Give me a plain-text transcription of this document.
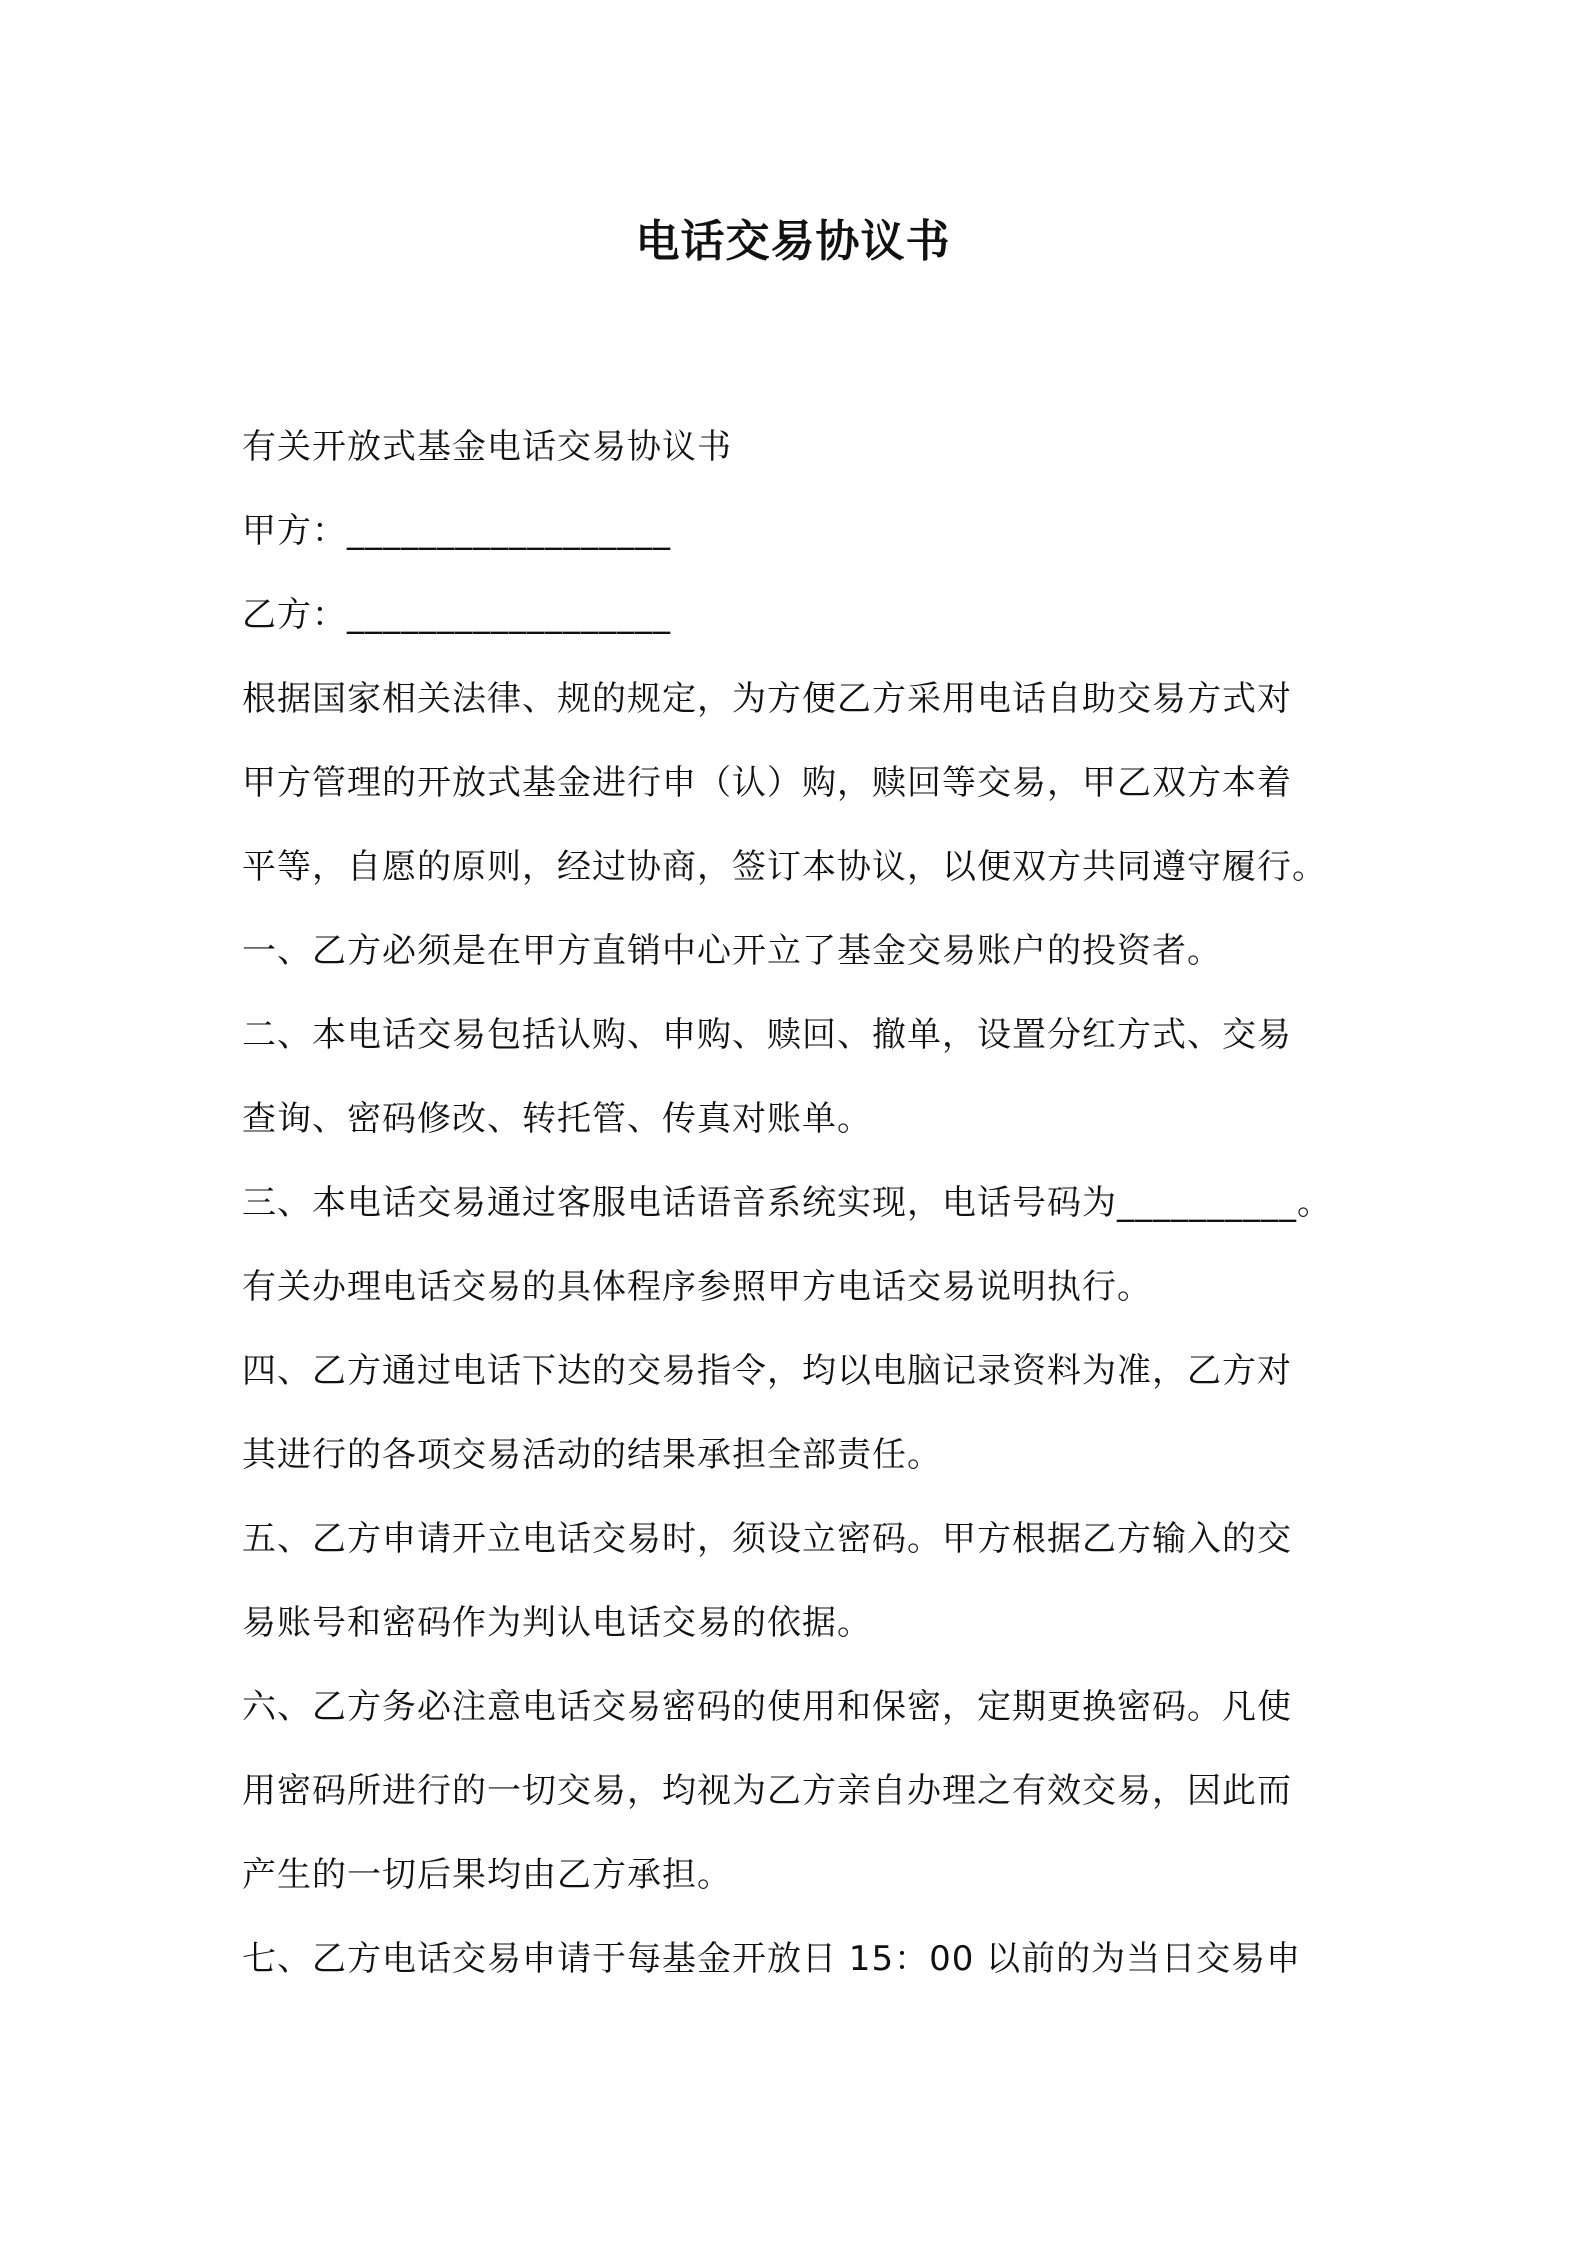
电话交易协议书
有关开放式基金电话交易协议书
甲方：__________________
乙方：__________________
根据国家相关法律、规的规定，为方便乙方采用电话自助交易方式对
甲方管理的开放式基金进行申（认）购，赎回等交易，甲乙双方本着
平等，自愿的原则，经过协商，签订本协议，以便双方共同遵守履行。
一、乙方必须是在甲方直销中心开立了基金交易账户的投资者。
二、本电话交易包括认购、申购、赎回、撤单，设置分红方式、交易
查询、密码修改、转托管、传真对账单。
三、本电话交易通过客服电话语音系统实现，电话号码为__________。
有关办理电话交易的具体程序参照甲方电话交易说明执行。
四、乙方通过电话下达的交易指令，均以电脑记录资料为准，乙方对
其进行的各项交易活动的结果承担全部责任。
五、乙方申请开立电话交易时，须设立密码。甲方根据乙方输入的交
易账号和密码作为判认电话交易的依据。
六、乙方务必注意电话交易密码的使用和保密，定期更换密码。凡使
用密码所进行的一切交易，均视为乙方亲自办理之有效交易，因此而
产生的一切后果均由乙方承担。
七、乙方电话交易申请于每基金开放日 15：00 以前的为当日交易申
